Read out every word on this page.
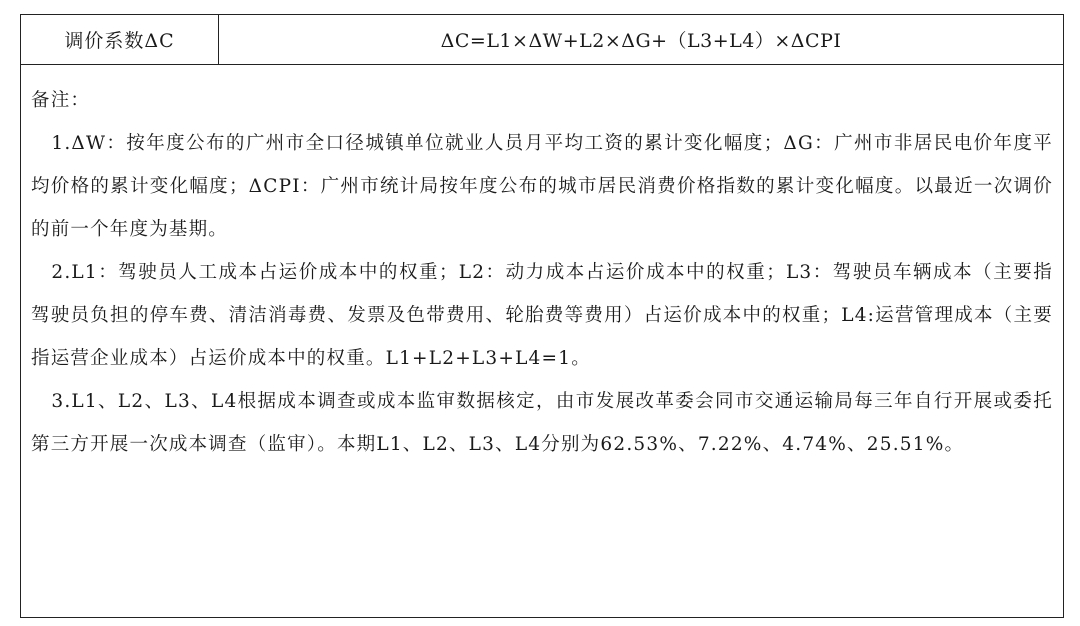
调价系数ΔC	ΔC=L1×ΔW+L2×ΔG+（L3+L4）×ΔCPI

备注：

1.ΔW：按年度公布的广州市全口径城镇单位就业人员月平均工资的累计变化幅度；ΔG：广州市非居民电价年度平均价格的累计变化幅度；ΔCPI：广州市统计局按年度公布的城市居民消费价格指数的累计变化幅度。以最近一次调价的前一个年度为基期。

2.L1：驾驶员人工成本占运价成本中的权重；L2：动力成本占运价成本中的权重；L3：驾驶员车辆成本（主要指驾驶员负担的停车费、清洁消毒费、发票及色带费用、轮胎费等费用）占运价成本中的权重；L4:运营管理成本（主要指运营企业成本）占运价成本中的权重。L1+L2+L3+L4=1。

3.L1、L2、L3、L4根据成本调查或成本监审数据核定，由市发展改革委会同市交通运输局每三年自行开展或委托第三方开展一次成本调查（监审）。本期L1、L2、L3、L4分别为62.53%、7.22%、4.74%、25.51%。
